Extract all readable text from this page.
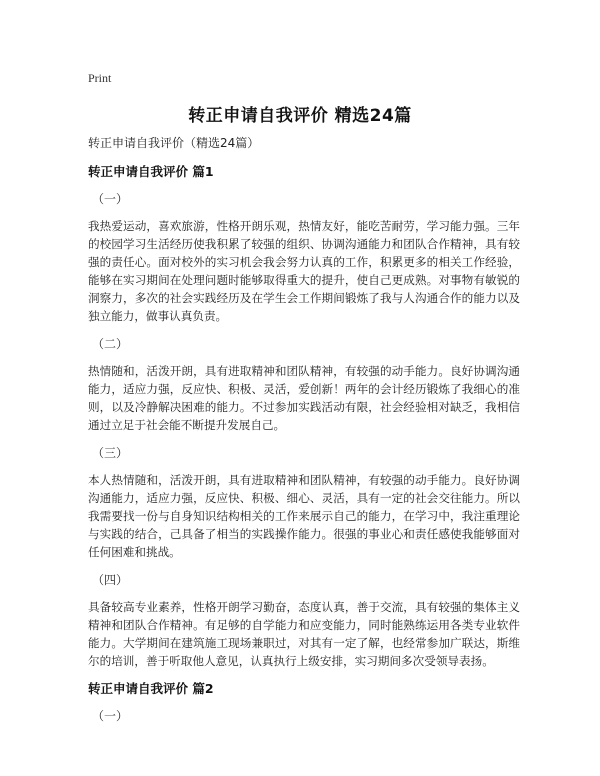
Print
转正申请自我评价 精选24篇
转正申请自我评价（精选24篇）
转正申请自我评价 篇1
（一）
我热爱运动，喜欢旅游，性格开朗乐观，热情友好，能吃苦耐劳，学习能力强。三年的校园学习生活经历使我积累了较强的组织、协调沟通能力和团队合作精神，具有较强的责任心。面对校外的实习机会我会努力认真的工作，积累更多的相关工作经验，能够在实习期间在处理问题时能够取得重大的提升，使自己更成熟。对事物有敏锐的洞察力，多次的社会实践经历及在学生会工作期间锻炼了我与人沟通合作的能力以及独立能力，做事认真负责。
（二）
热情随和，活泼开朗，具有进取精神和团队精神，有较强的动手能力。良好协调沟通能力，适应力强，反应快、积极、灵活，爱创新！两年的会计经历锻炼了我细心的准则，以及冷静解决困难的能力。不过参加实践活动有限，社会经验相对缺乏，我相信通过立足于社会能不断提升发展自己。
（三）
本人热情随和，活泼开朗，具有进取精神和团队精神，有较强的动手能力。良好协调沟通能力，适应力强，反应快、积极、细心、灵活，具有一定的社会交往能力。所以我需要找一份与自身知识结构相关的工作来展示自己的能力，在学习中，我注重理论与实践的结合，己具备了相当的实践操作能力。很强的事业心和责任感使我能够面对任何困难和挑战。
（四）
具备较高专业素养，性格开朗学习勤奋，态度认真，善于交流，具有较强的集体主义精神和团队合作精神。有足够的自学能力和应变能力，同时能熟练运用各类专业软件能力。大学期间在建筑施工现场兼职过，对其有一定了解，也经常参加广联达，斯维尔的培训，善于听取他人意见，认真执行上级安排，实习期间多次受领导表扬。
转正申请自我评价 篇2
（一）
